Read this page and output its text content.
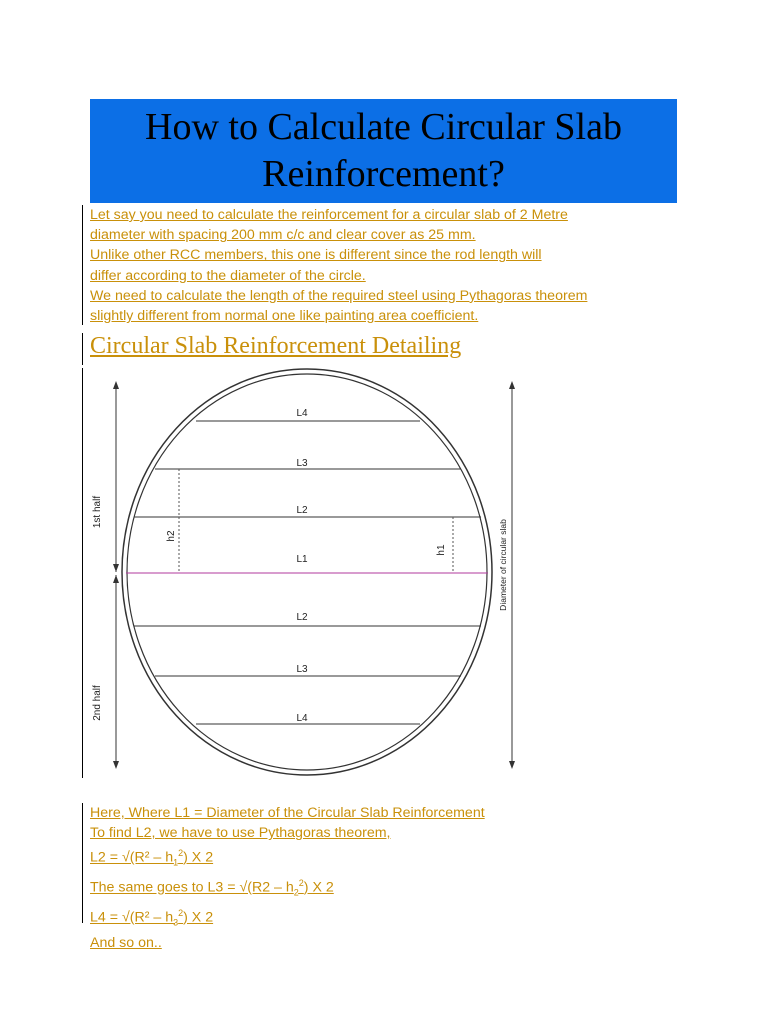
How to Calculate Circular Slab Reinforcement?
Let say you need to calculate the reinforcement for a circular slab of 2 Metre
diameter with spacing 200 mm c/c and clear cover as 25 mm.
Unlike other RCC members, this one is different since the rod length will
differ according to the diameter of the circle.
We need to calculate the length of the required steel using Pythagoras theorem
slightly different from normal one like painting area coefficient.
Circular Slab Reinforcement Detailing
L4
L3
L2
L1
L2
L3
L4
h2
h1
1st half
2nd half
Diameter of circular slab
Here, Where L1 = Diameter of the Circular Slab Reinforcement
To find L2, we have to use Pythagoras theorem,
$L2 = √(R^2 - h_1^2)$ X 2
The same goes to $L3 = √(R2 - h_2^2)$ X 2
$L4 = √(R^2 - h_3^2)$ X 2
And so on..
